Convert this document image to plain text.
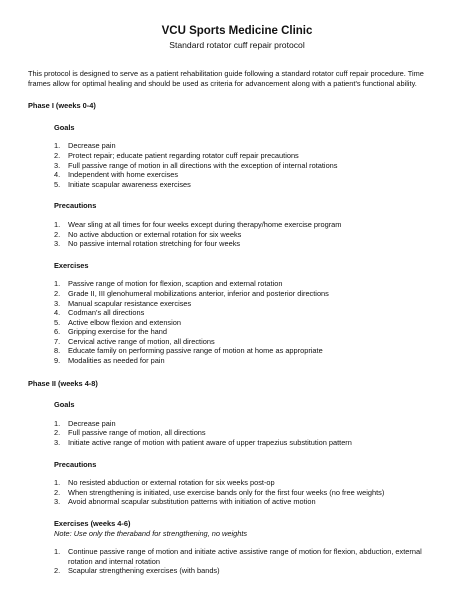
VCU Sports Medicine Clinic

Standard rotator cuff repair protocol

This protocol is designed to serve as a patient rehabilitation guide following a standard rotator cuff repair procedure. Time frames allow for optimal healing and should be used as criteria for advancement along with a patient’s functional ability.

Phase I (weeks 0-4)

Goals

1. Decrease pain
2. Protect repair; educate patient regarding rotator cuff repair precautions
3. Full passive range of motion in all directions with the exception of internal rotations
4. Independent with home exercises
5. Initiate scapular awareness exercises

Precautions

1. Wear sling at all times for four weeks except during therapy/home exercise program
2. No active abduction or external rotation for six weeks
3. No passive internal rotation stretching for four weeks

Exercises

1. Passive range of motion for flexion, scaption and external rotation
2. Grade II, III glenohumeral mobilizations anterior, inferior and posterior directions
3. Manual scapular resistance exercises
4. Codman’s all directions
5. Active elbow flexion and extension
6. Gripping exercise for the hand
7. Cervical active range of motion, all directions
8. Educate family on performing passive range of motion at home as appropriate
9. Modalities as needed for pain

Phase II (weeks 4-8)

Goals

1. Decrease pain
2. Full passive range of motion, all directions
3. Initiate active range of motion with patient aware of upper trapezius substitution pattern

Precautions

1. No resisted abduction or external rotation for six weeks post-op
2. When strengthening is initiated, use exercise bands only for the first four weeks (no free weights)
3. Avoid abnormal scapular substitution patterns with initiation of active motion

Exercises (weeks 4-6)

Note: Use only the theraband for strengthening, no weights

1. Continue passive range of motion and initiate active assistive range of motion for flexion, abduction, external rotation and internal rotation
2. Scapular strengthening exercises (with bands)
